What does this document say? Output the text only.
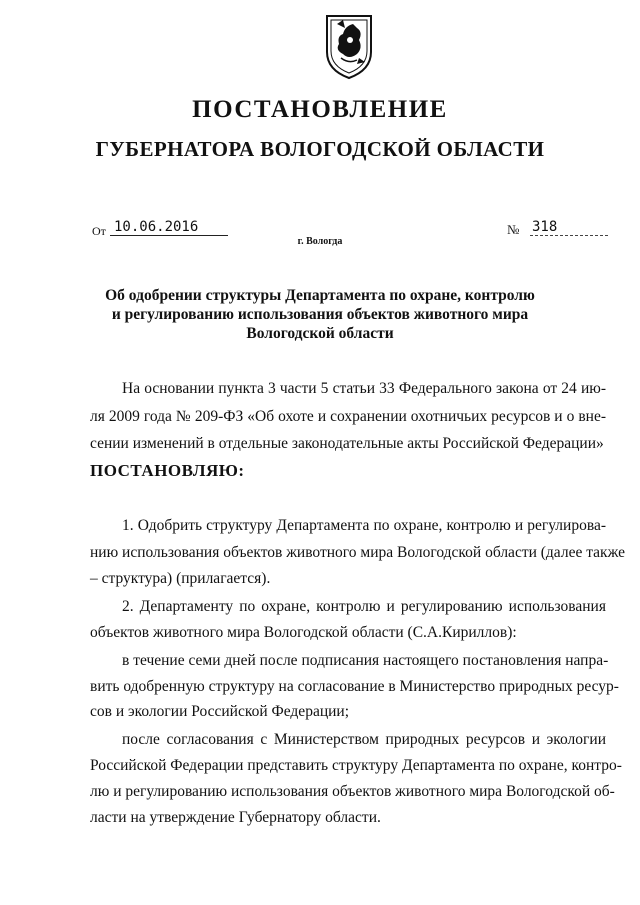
ПОСТАНОВЛЕНИЕ
ГУБЕРНАТОРА ВОЛОГОДСКОЙ ОБЛАСТИ
От 10.06.2016	№ 318
г. Вологда
Об одобрении структуры Департамента по охране, контролю
и регулированию использования объектов животного мира
Вологодской области
На основании пункта 3 части 5 статьи 33 Федерального закона от 24 ию-
ля 2009 года № 209-ФЗ «Об охоте и сохранении охотничьих ресурсов и о вне-
сении изменений в отдельные законодательные акты Российской Федерации»
ПОСТАНОВЛЯЮ:
1. Одобрить структуру Департамента по охране, контролю и регулирова-
нию использования объектов животного мира Вологодской области (далее также
– структура) (прилагается).
2. Департаменту по охране, контролю и регулированию использования
объектов животного мира Вологодской области (С.А.Кириллов):
в течение семи дней после подписания настоящего постановления напра-
вить одобренную структуру на согласование в Министерство природных ресур-
сов и экологии Российской Федерации;
после согласования с Министерством природных ресурсов и экологии
Российской Федерации представить структуру Департамента по охране, контро-
лю и регулированию использования объектов животного мира Вологодской об-
ласти на утверждение Губернатору области.
